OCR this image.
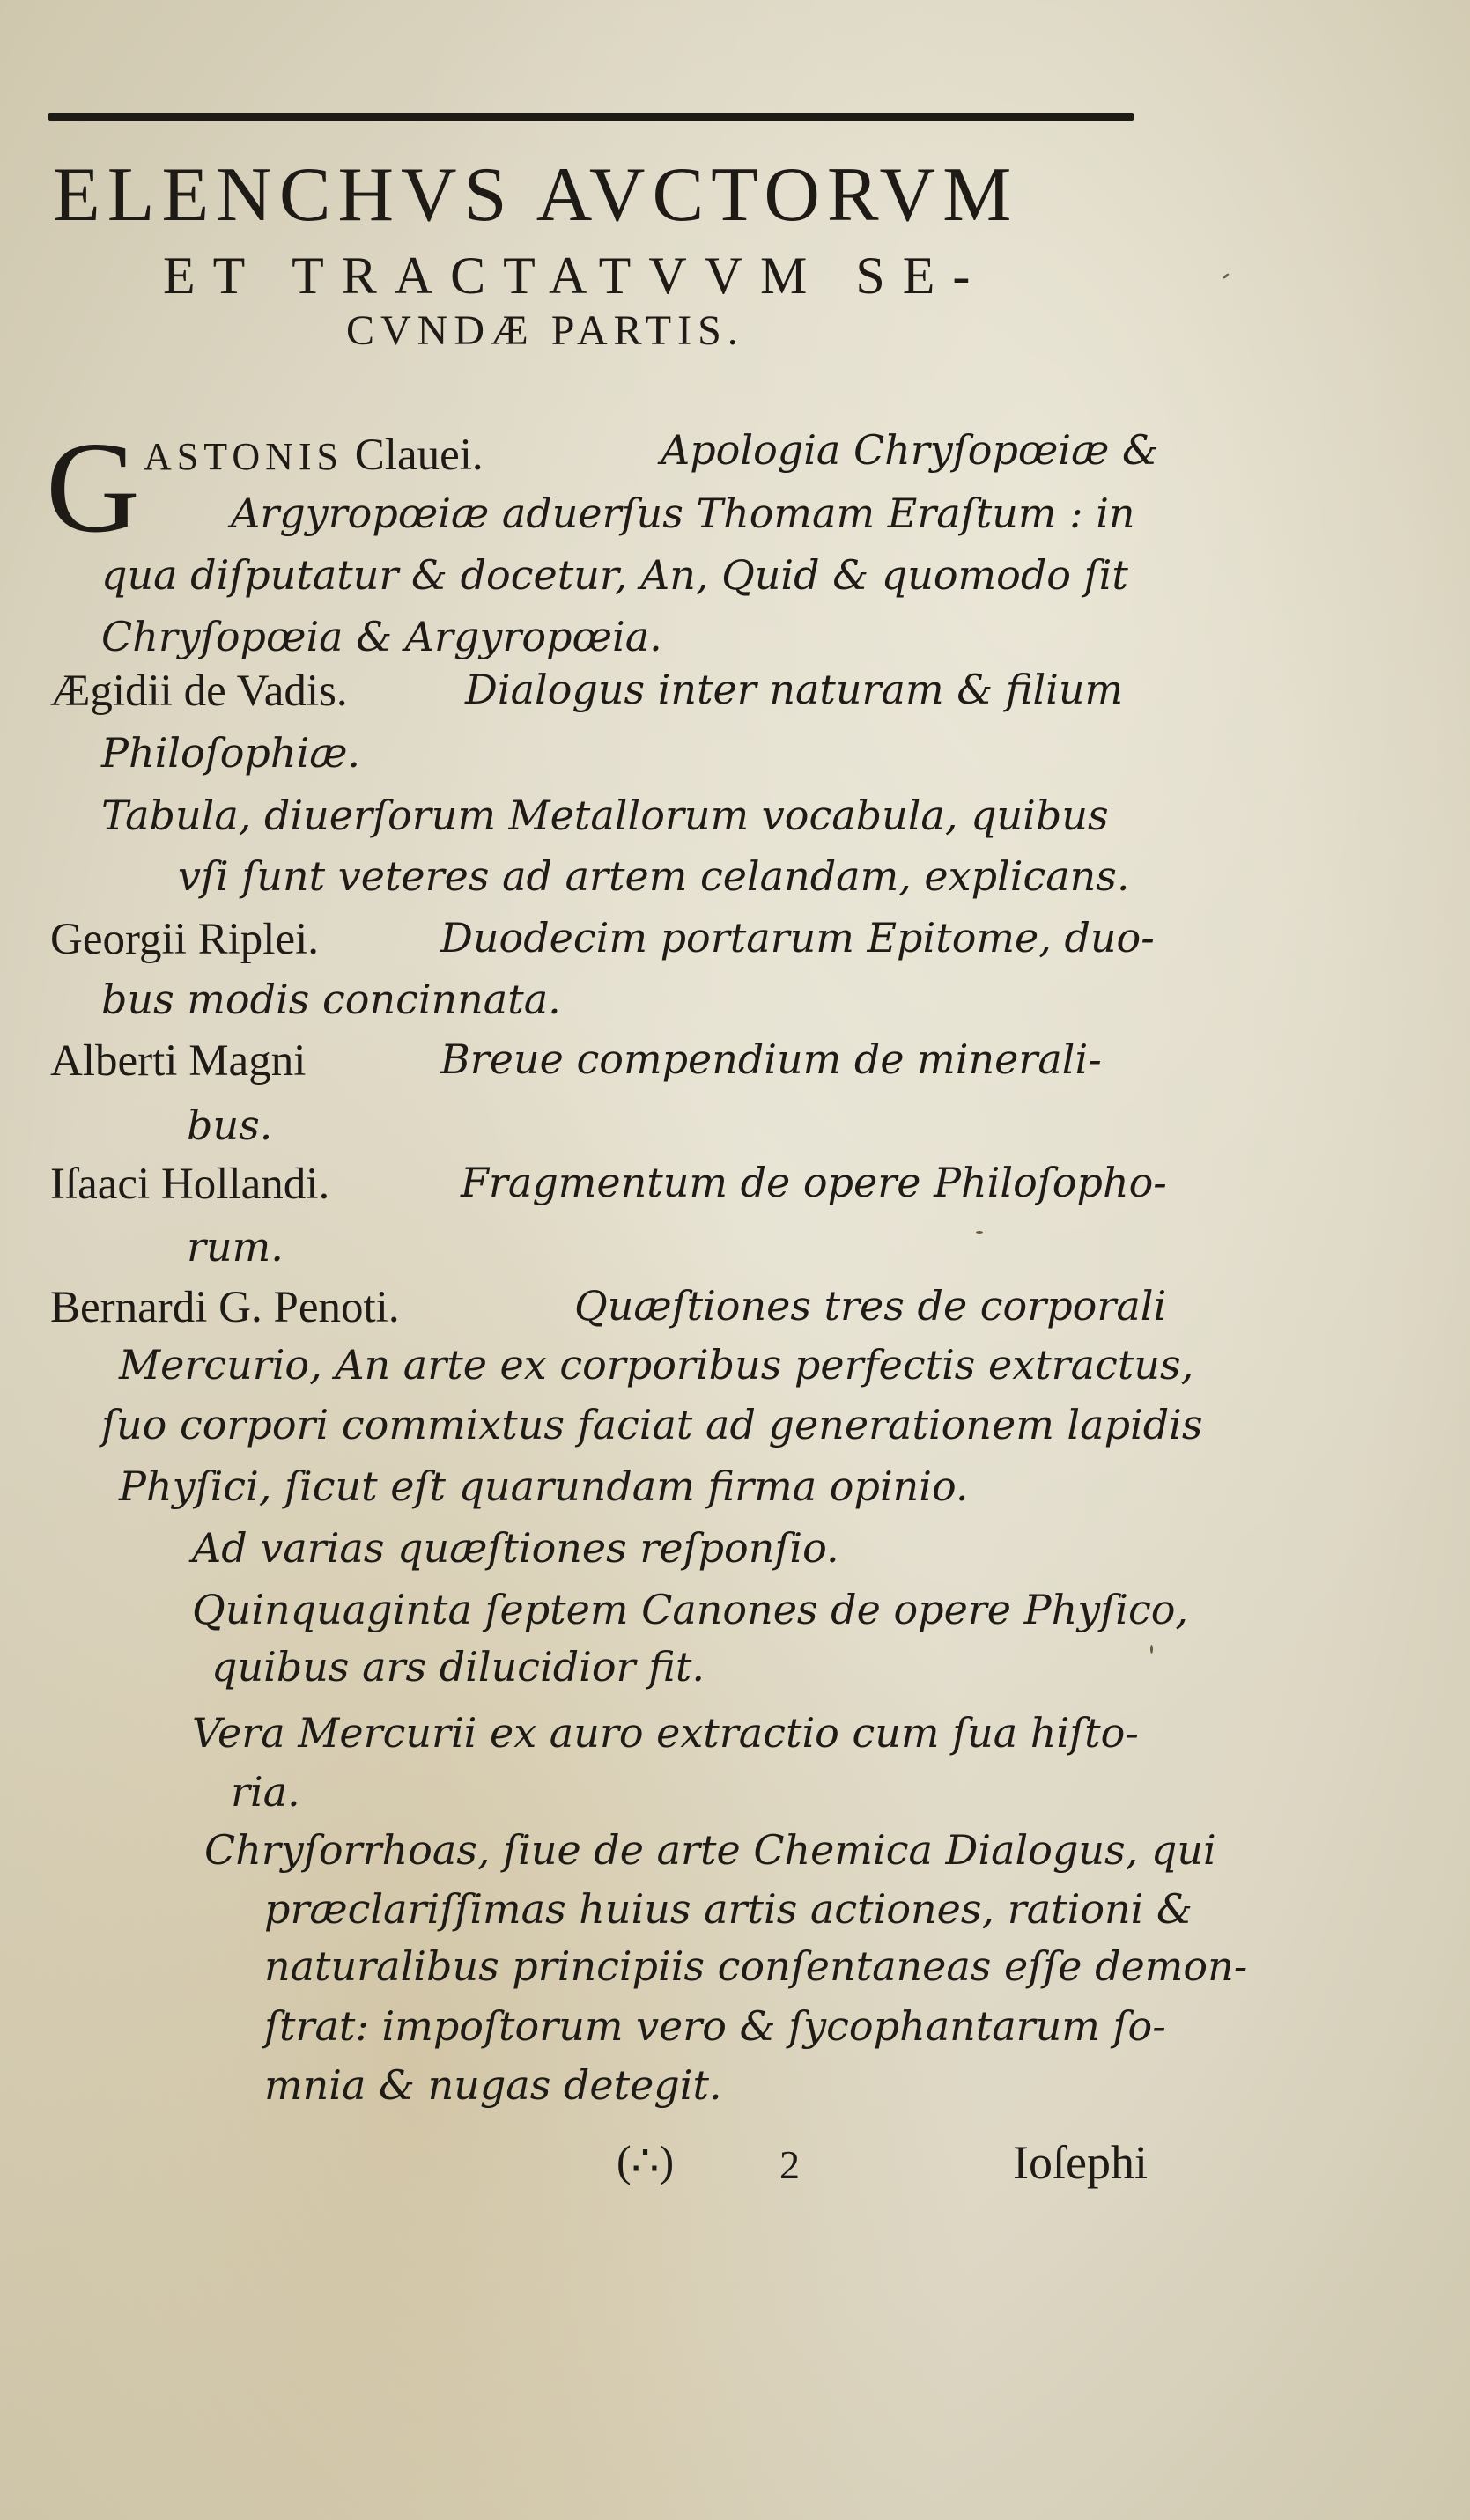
ELENCHVS AVCTORVM
ET TRACTATVVM SE-
CVNDÆ PARTIS.
G ASTONIS Clauei.	Apologia Chryſopœiæ &
Argyropœiæ aduerſus Thomam Eraſtum : in
qua diſputatur & docetur, An, Quid & quomodo ſit
Chryſopœia & Argyropœia.
Ægidii de Vadis.	Dialogus inter naturam & filium
Philoſophiæ.
Tabula, diuerſorum Metallorum vocabula, quibus
vſi ſunt veteres ad artem celandam, explicans.
Georgii Riplei.	Duodecim portarum Epitome, duo-
bus modis concinnata.
Alberti Magni	Breue compendium de minerali-
bus.
Iſaaci Hollandi.	Fragmentum de opere Philoſopho-
rum.
Bernardi G. Penoti.	Quæſtiones tres de corporali
Mercurio, An arte ex corporibus perfectis extractus,
ſuo corpori commixtus faciat ad generationem lapidis
Phyſici, ſicut eſt quarundam firma opinio.
Ad varias quæſtiones reſponſio.
Quinquaginta ſeptem Canones de opere Phyſico,
quibus ars dilucidior fit.
Vera Mercurii ex auro extractio cum ſua hiſto-
ria.
Chryſorrhoas, ſiue de arte Chemica Dialogus, qui
præclariſſimas huius artis actiones, rationi &
naturalibus principiis conſentaneas eſſe demon-
ſtrat: impoſtorum vero & ſycophantarum ſo-
mnia & nugas detegit.
(∴)	2	Ioſephi
